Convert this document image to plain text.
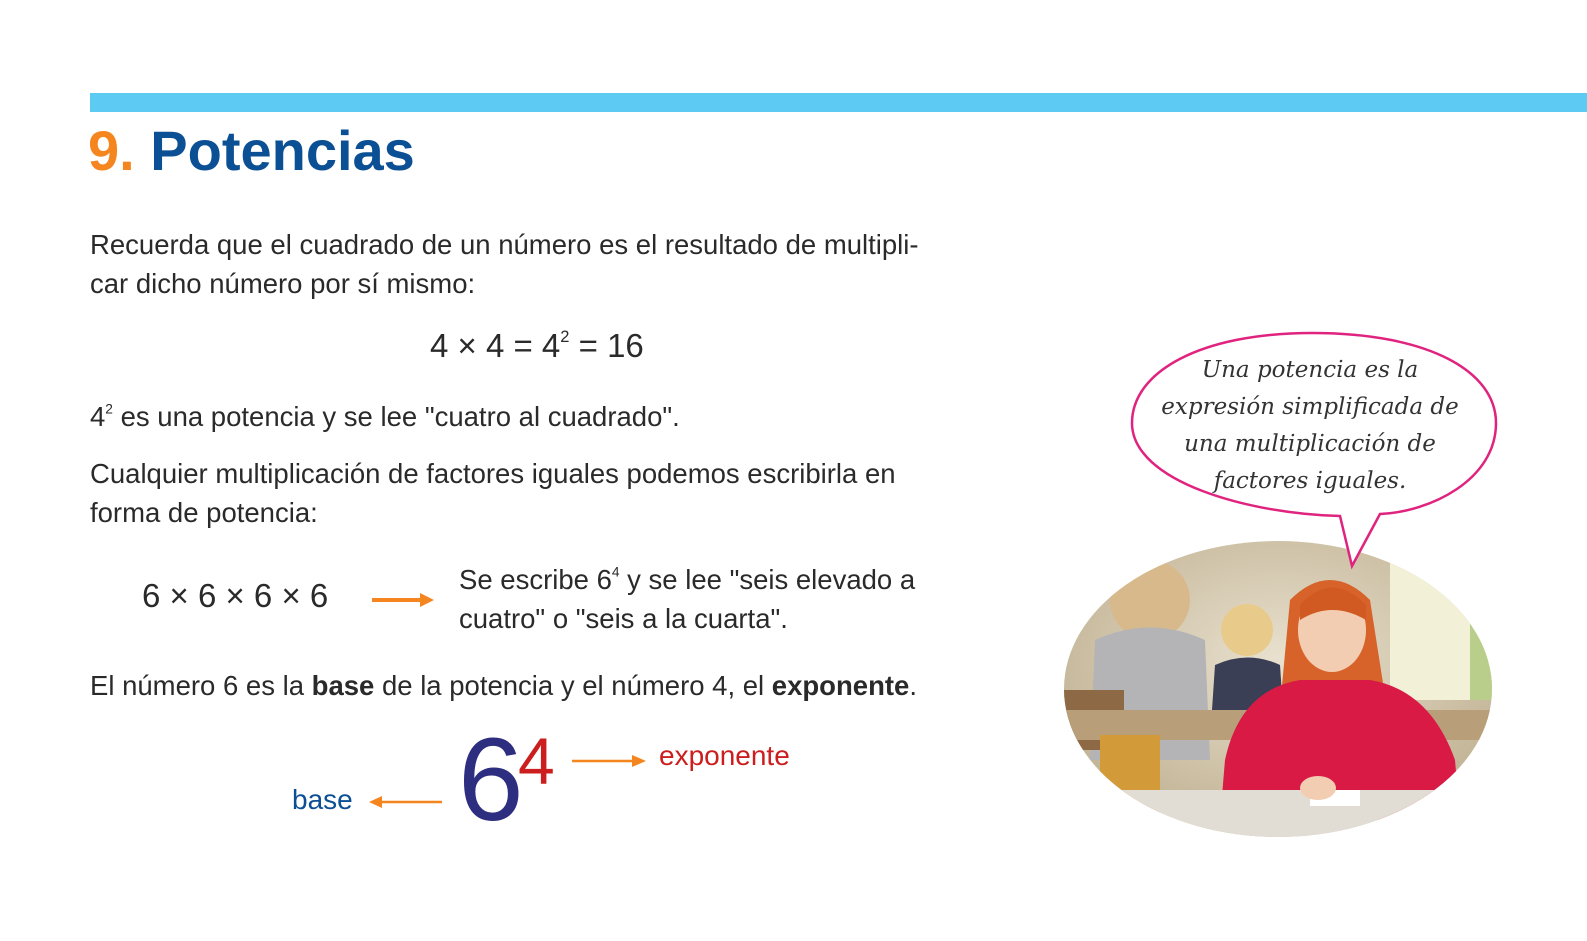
9. Potencias

Recuerda que el cuadrado de un número es el resultado de multipli-
car dicho número por sí mismo:

$4 \times 4 = 4^2 = 16$

$4^2$ es una potencia y se lee "cuatro al cuadrado".

Cualquier multiplicación de factores iguales podemos escribirla en
forma de potencia:

6 × 6 × 6 × 6	Se escribe $6^4$ y se lee "seis elevado a
cuatro" o "seis a la cuarta".

El número 6 es la base de la potencia y el número 4, el exponente.

6
4	exponente
base
Una potencia es la
expresión simplificada de
una multiplicación de
factores iguales.
